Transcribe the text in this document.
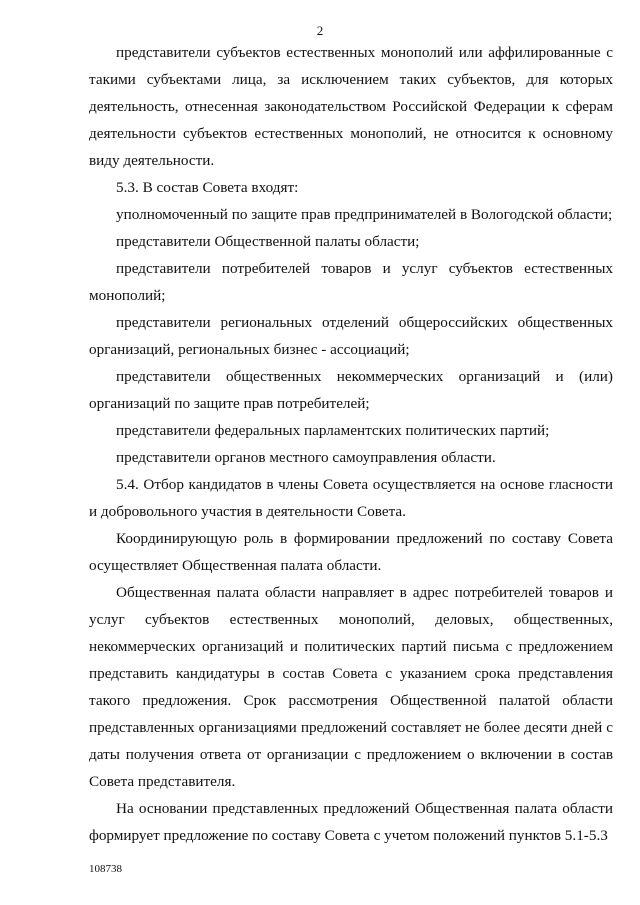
2

представители субъектов естественных монополий или аффилированные с такими субъектами лица, за исключением таких субъектов, для которых деятельность, отнесенная законодательством Российской Федерации к сферам деятельности субъектов естественных монополий, не относится к основному виду деятельности.

5.3. В состав Совета входят:

уполномоченный по защите прав предпринимателей в Вологодской области;

представители Общественной палаты области;

представители потребителей товаров и услуг субъектов естественных монополий;

представители региональных отделений общероссийских общественных организаций, региональных бизнес - ассоциаций;

представители общественных некоммерческих организаций и (или) организаций по защите прав потребителей;

представители федеральных парламентских политических партий;

представители органов местного самоуправления области.

5.4. Отбор кандидатов в члены Совета осуществляется на основе гласности и добровольного участия в деятельности Совета.

Координирующую роль в формировании предложений по составу Совета осуществляет Общественная палата области.

Общественная палата области направляет в адрес потребителей товаров и услуг субъектов естественных монополий, деловых, общественных, некоммерческих организаций и политических партий письма с предложением представить кандидатуры в состав Совета с указанием срока представления такого предложения. Срок рассмотрения Общественной палатой области представленных организациями предложений составляет не более десяти дней с даты получения ответа от организации с предложением о включении в состав Совета представителя.

На основании представленных предложений Общественная палата области формирует предложение по составу Совета с учетом положений пунктов 5.1-5.3

108738
